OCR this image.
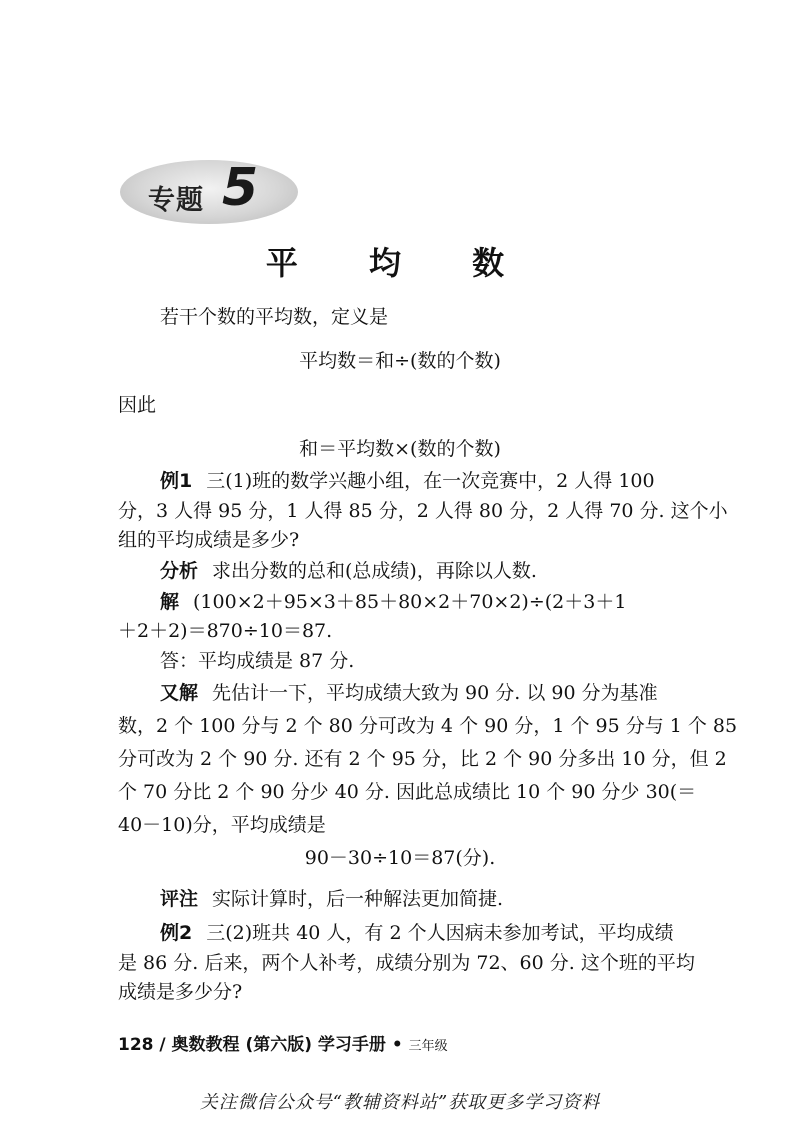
专题 5
平 均 数
若干个数的平均数，定义是
平均数＝和÷(数的个数)
因此
和＝平均数×(数的个数)
例1 三(1)班的数学兴趣小组，在一次竞赛中，2 人得 100
分，3 人得 95 分，1 人得 85 分，2 人得 80 分，2 人得 70 分. 这个小
组的平均成绩是多少?
分析 求出分数的总和(总成绩)，再除以人数.
解 (100×2＋95×3＋85＋80×2＋70×2)÷(2＋3＋1
＋2＋2)＝870÷10＝87.
答：平均成绩是 87 分.
又解 先估计一下，平均成绩大致为 90 分. 以 90 分为基准
数，2 个 100 分与 2 个 80 分可改为 4 个 90 分，1 个 95 分与 1 个 85
分可改为 2 个 90 分. 还有 2 个 95 分，比 2 个 90 分多出 10 分，但 2
个 70 分比 2 个 90 分少 40 分. 因此总成绩比 10 个 90 分少 30(＝
40－10)分，平均成绩是
90－30÷10＝87(分).
评注 实际计算时，后一种解法更加简捷.
例2 三(2)班共 40 人，有 2 个人因病未参加考试，平均成绩
128 / 奥数教程 (第六版) 学习手册 • 三年级
关注微信公众号“教辅资料站”获取更多学习资料
是 86 分. 后来，两个人补考，成绩分别为 72、60 分. 这个班的平均
成绩是多少分?
